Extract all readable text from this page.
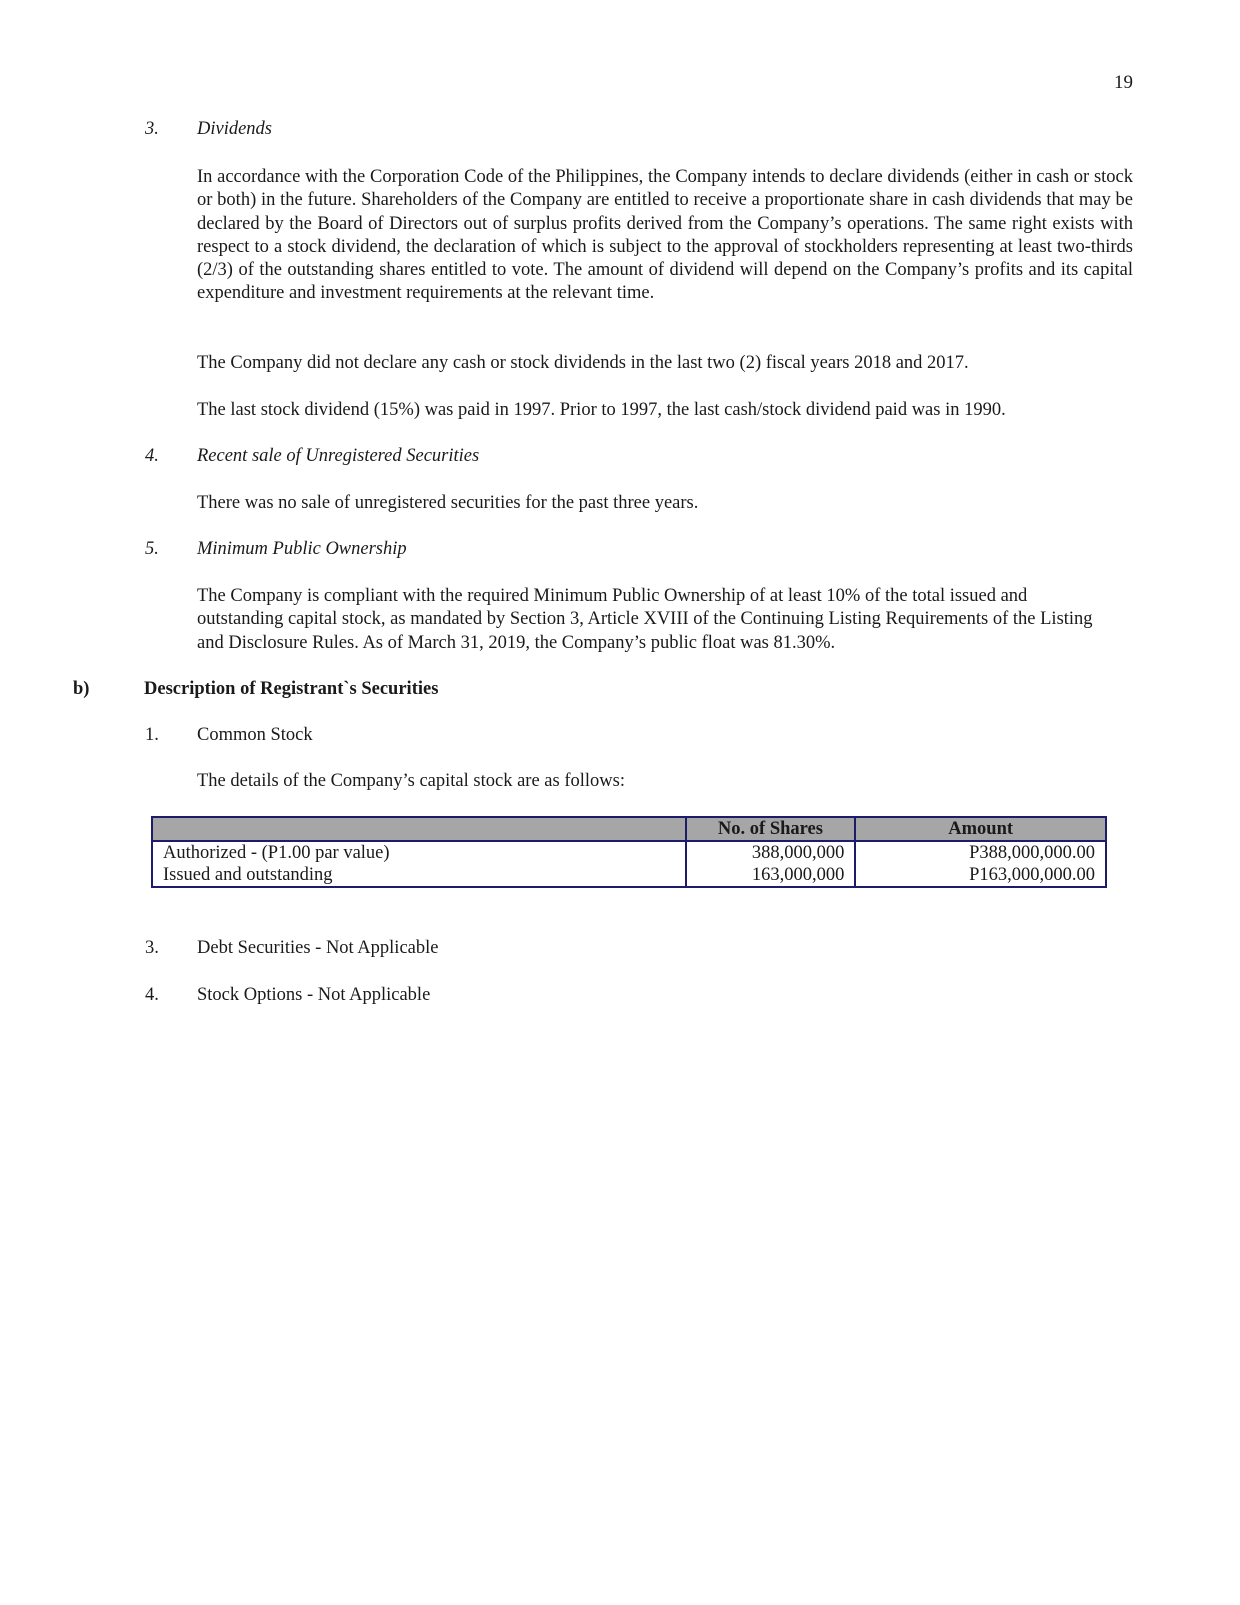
19
3. Dividends
In accordance with the Corporation Code of the Philippines, the Company intends to declare dividends (either in cash or stock or both) in the future. Shareholders of the Company are entitled to receive a proportionate share in cash dividends that may be declared by the Board of Directors out of surplus profits derived from the Company’s operations. The same right exists with respect to a stock dividend, the declaration of which is subject to the approval of stockholders representing at least two-thirds (2/3) of the outstanding shares entitled to vote. The amount of dividend will depend on the Company’s profits and its capital expenditure and investment requirements at the relevant time.
The Company did not declare any cash or stock dividends in the last two (2) fiscal years 2018 and 2017.
The last stock dividend (15%) was paid in 1997. Prior to 1997, the last cash/stock dividend paid was in 1990.
4. Recent sale of Unregistered Securities
There was no sale of unregistered securities for the past three years.
5. Minimum Public Ownership
The Company is compliant with the required Minimum Public Ownership of at least 10% of the total issued and outstanding capital stock, as mandated by Section 3, Article XVIII of the Continuing Listing Requirements of the Listing and Disclosure Rules. As of March 31, 2019, the Company’s public float was 81.30%.
b)	Description of Registrant`s Securities
1. Common Stock
The details of the Company’s capital stock are as follows:
	No. of Shares	Amount
Authorized - (P1.00 par value)	388,000,000	P388,000,000.00
Issued and outstanding	163,000,000	P163,000,000.00
3. Debt Securities - Not Applicable
4. Stock Options - Not Applicable
